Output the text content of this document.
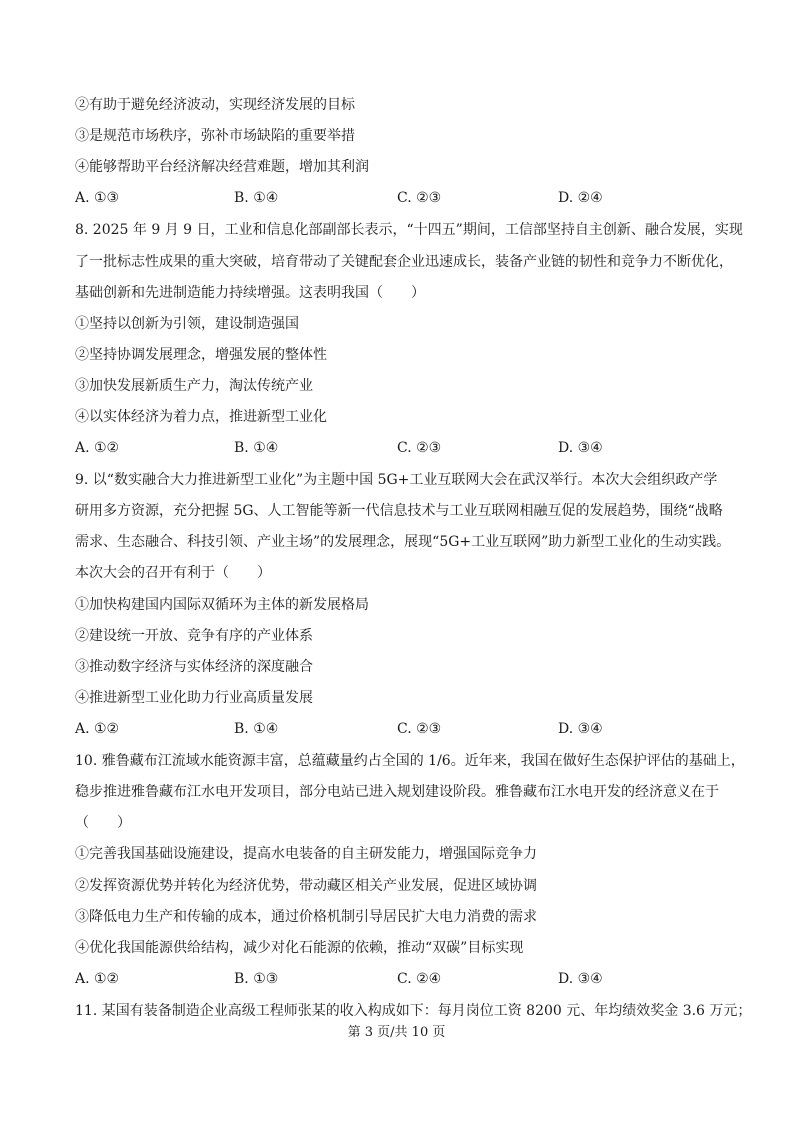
②有助于避免经济波动，实现经济发展的目标
③是规范市场秩序，弥补市场缺陷的重要举措
④能够帮助平台经济解决经营难题，增加其利润
A. ①③	B. ①④	C. ②③	D. ②④
8. 2025 年 9 月 9 日，工业和信息化部副部长表示，“十四五”期间，工信部坚持自主创新、融合发展，实现
了一批标志性成果的重大突破，培育带动了关键配套企业迅速成长，装备产业链的韧性和竞争力不断优化，
基础创新和先进制造能力持续增强。这表明我国（　　）
①坚持以创新为引领，建设制造强国
②坚持协调发展理念，增强发展的整体性
③加快发展新质生产力，淘汰传统产业
④以实体经济为着力点，推进新型工业化
A. ①②	B. ①④	C. ②③	D. ③④
9. 以“数实融合大力推进新型工业化”为主题中国 5G+工业互联网大会在武汉举行。本次大会组织政产学
研用多方资源，充分把握 5G、人工智能等新一代信息技术与工业互联网相融互促的发展趋势，围绕“战略
需求、生态融合、科技引领、产业主场”的发展理念，展现“5G+工业互联网”助力新型工业化的生动实践。
本次大会的召开有利于（　　）
①加快构建国内国际双循环为主体的新发展格局
②建设统一开放、竞争有序的产业体系
③推动数字经济与实体经济的深度融合
④推进新型工业化助力行业高质量发展
A. ①②	B. ①④	C. ②③	D. ③④
10. 雅鲁藏布江流域水能资源丰富，总蕴藏量约占全国的 1/6。近年来，我国在做好生态保护评估的基础上，
稳步推进雅鲁藏布江水电开发项目，部分电站已进入规划建设阶段。雅鲁藏布江水电开发的经济意义在于
（　　）
①完善我国基础设施建设，提高水电装备的自主研发能力，增强国际竞争力
②发挥资源优势并转化为经济优势，带动藏区相关产业发展，促进区域协调
③降低电力生产和传输的成本，通过价格机制引导居民扩大电力消费的需求
④优化我国能源供给结构，减少对化石能源的依赖，推动“双碳”目标实现
A. ①②	B. ①③	C. ②④	D. ③④
11. 某国有装备制造企业高级工程师张某的收入构成如下：每月岗位工资 8200 元、年均绩效奖金 3.6 万元；
第 3 页/共 10 页
